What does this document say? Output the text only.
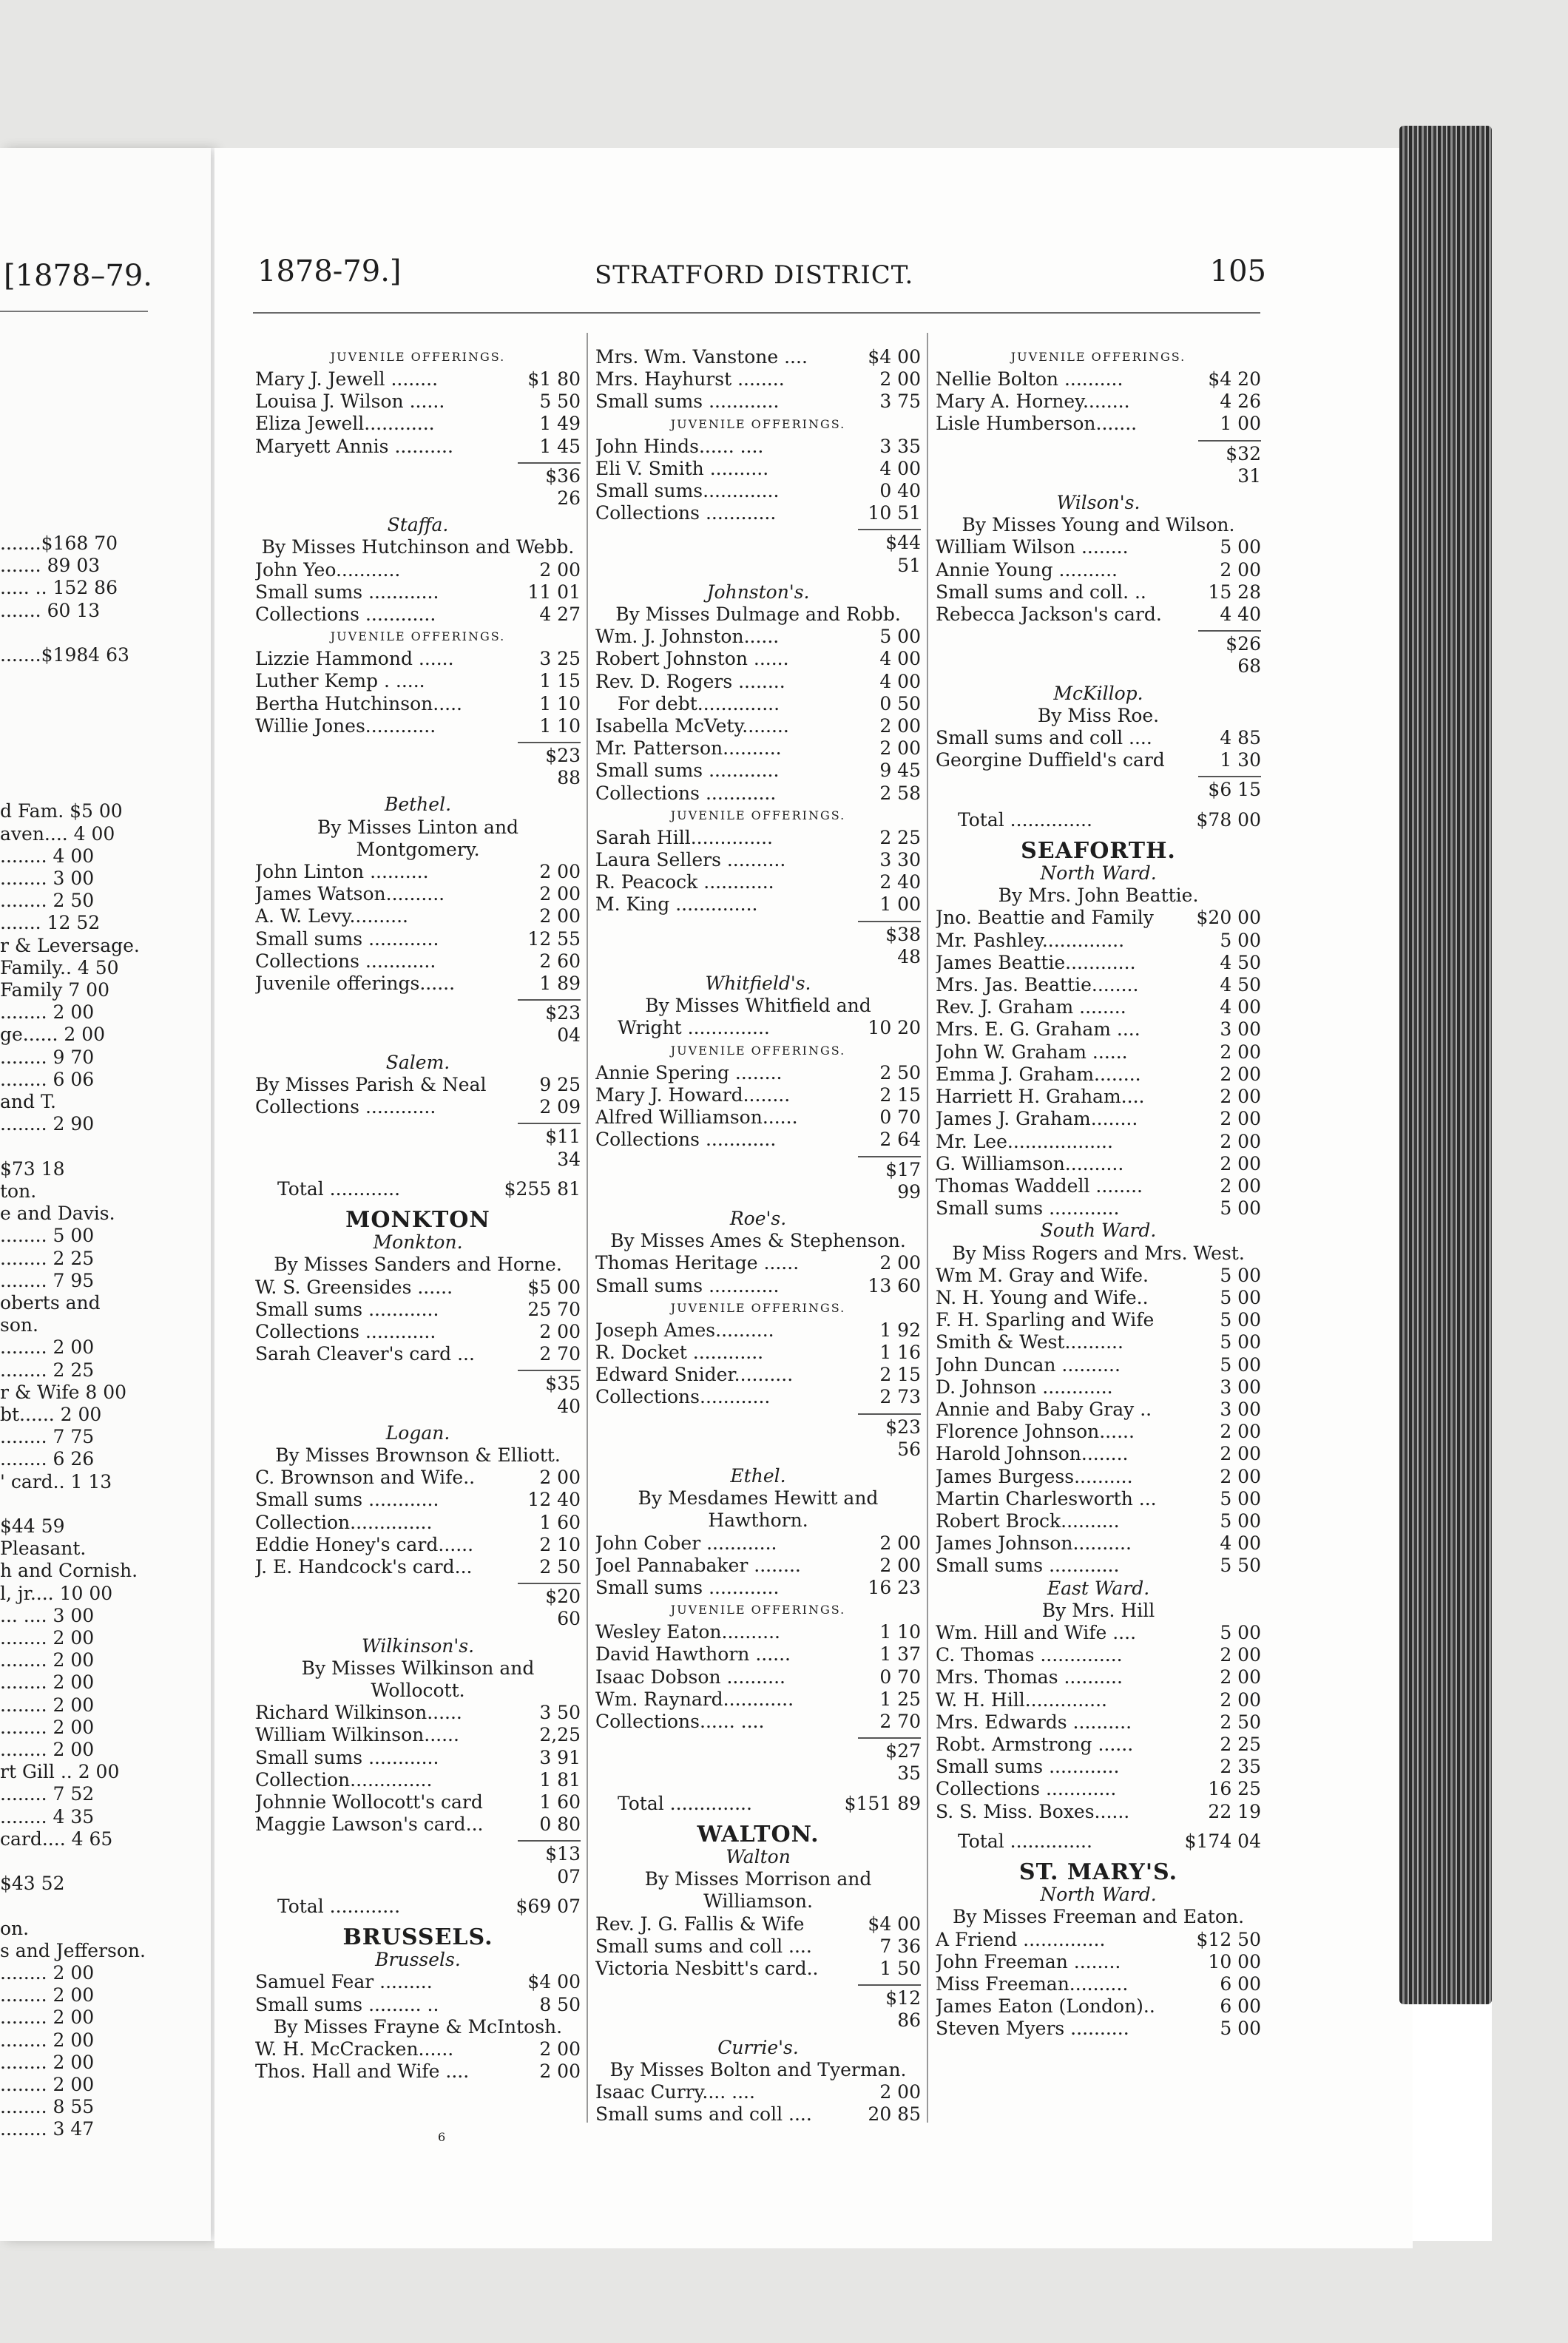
[1878–79.
.......$168 70
....... 89 03
..... .. 152 86
....... 60 13

.......$1984 63

d Fam. $5 00
aven.... 4 00
........ 4 00
........ 3 00
........ 2 50
....... 12 52
r & Leversage.
Family.. 4 50
Family 7 00
........ 2 00
ge...... 2 00
........ 9 70
........ 6 06
and T.
........ 2 90

$73 18
ton.
e and Davis.
........ 5 00
........ 2 25
........ 7 95
oberts and
son.
........ 2 00
........ 2 25
r & Wife 8 00
bt...... 2 00
........ 7 75
........ 6 26
' card.. 1 13

$44 59
Pleasant.
h and Cornish.
l, jr.... 10 00
... .... 3 00
........ 2 00
........ 2 00
........ 2 00
........ 2 00
........ 2 00
........ 2 00
rt Gill .. 2 00
........ 7 52
........ 4 35
card.... 4 65

$43 52

on.
s and Jefferson.
........ 2 00
........ 2 00
........ 2 00
........ 2 00
........ 2 00
........ 2 00
........ 8 55
........ 3 47
1878-79.]	STRATFORD DISTRICT.	105
JUVENILE OFFERINGS.
Mary J. Jewell ........	$1 80
Louisa J. Wilson ......	5 50
Eliza Jewell............	1 49
Maryett Annis ..........	1 45
$36 26
Staffa.
By Misses Hutchinson and Webb.
John Yeo...........	2 00
Small sums ............	11 01
Collections ............	4 27
JUVENILE OFFERINGS.
Lizzie Hammond ......	3 25
Luther Kemp . .....	1 15
Bertha Hutchinson.....	1 10
Willie Jones............	1 10
$23 88
Bethel.
By Misses Linton and Montgomery.
John Linton ..........	2 00
James Watson..........	2 00
A. W. Levy..........	2 00
Small sums ............	12 55
Collections ............	2 60
Juvenile offerings......	1 89
$23 04
Salem.
By Misses Parish & Neal	9 25
Collections ............	2 09
$11 34
Total ............	$255 81
MONKTON
Monkton.
By Misses Sanders and Horne.
W. S. Greensides ......	$5 00
Small sums ............	25 70
Collections ............	2 00
Sarah Cleaver's card ...	2 70
$35 40
Logan.
By Misses Brownson & Elliott.
C. Brownson and Wife..	2 00
Small sums ............	12 40
Collection..............	1 60
Eddie Honey's card......	2 10
J. E. Handcock's card...	2 50
$20 60
Wilkinson's.
By Misses Wilkinson and Wollocott.
Richard Wilkinson......	3 50
William Wilkinson......	2,25
Small sums ............	3 91
Collection..............	1 81
Johnnie Wollocott's card	1 60
Maggie Lawson's card...	0 80
$13 07
Total ............	$69 07
BRUSSELS.
Brussels.
Samuel Fear .........	$4 00
Small sums ......... ..	8 50
By Misses Frayne & McIntosh.
W. H. McCracken......	2 00
Thos. Hall and Wife ....	2 00
Mrs. Wm. Vanstone ....	$4 00
Mrs. Hayhurst ........	2 00
Small sums ............	3 75
JUVENILE OFFERINGS.
John Hinds...... ....	3 35
Eli V. Smith ..........	4 00
Small sums.............	0 40
Collections ............	10 51
$44 51
Johnston's.
By Misses Dulmage and Robb.
Wm. J. Johnston......	5 00
Robert Johnston ......	4 00
Rev. D. Rogers ........	4 00
For debt..............	0 50
Isabella McVety........	2 00
Mr. Patterson..........	2 00
Small sums ............	9 45
Collections ............	2 58
JUVENILE OFFERINGS.
Sarah Hill..............	2 25
Laura Sellers ..........	3 30
R. Peacock ............	2 40
M. King ..............	1 00
$38 48
Whitfield's.
By Misses Whitfield and
Wright ..............	10 20
JUVENILE OFFERINGS.
Annie Spering ........	2 50
Mary J. Howard........	2 15
Alfred Williamson......	0 70
Collections ............	2 64
$17 99
Roe's.
By Misses Ames & Stephenson.
Thomas Heritage ......	2 00
Small sums ............	13 60
JUVENILE OFFERINGS.
Joseph Ames..........	1 92
R. Docket ............	1 16
Edward Snider..........	2 15
Collections............	2 73
$23 56
Ethel.
By Mesdames Hewitt and Hawthorn.
John Cober ............	2 00
Joel Pannabaker ........	2 00
Small sums ............	16 23
JUVENILE OFFERINGS.
Wesley Eaton..........	1 10
David Hawthorn ......	1 37
Isaac Dobson ..........	0 70
Wm. Raynard............	1 25
Collections...... ....	2 70
$27 35
Total ..............	$151 89
WALTON.
Walton
By Misses Morrison and Williamson.
Rev. J. G. Fallis & Wife	$4 00
Small sums and coll ....	7 36
Victoria Nesbitt's card..	1 50
$12 86
Currie's.
By Misses Bolton and Tyerman.
Isaac Curry.... ....	2 00
Small sums and coll ....	20 85
JUVENILE OFFERINGS.
Nellie Bolton ..........	$4 20
Mary A. Horney........	4 26
Lisle Humberson.......	1 00
$32 31
Wilson's.
By Misses Young and Wilson.
William Wilson ........	5 00
Annie Young ..........	2 00
Small sums and coll. ..	15 28
Rebecca Jackson's card.	4 40
$26 68
McKillop.
By Miss Roe.
Small sums and coll ....	4 85
Georgine Duffield's card	1 30
$6 15
Total ..............	$78 00
SEAFORTH.
North Ward.
By Mrs. John Beattie.
Jno. Beattie and Family	$20 00
Mr. Pashley..............	5 00
James Beattie............	4 50
Mrs. Jas. Beattie........	4 50
Rev. J. Graham ........	4 00
Mrs. E. G. Graham ....	3 00
John W. Graham ......	2 00
Emma J. Graham........	2 00
Harriett H. Graham....	2 00
James J. Graham........	2 00
Mr. Lee..................	2 00
G. Williamson..........	2 00
Thomas Waddell ........	2 00
Small sums ............	5 00
South Ward.
By Miss Rogers and Mrs. West.
Wm M. Gray and Wife.	5 00
N. H. Young and Wife..	5 00
F. H. Sparling and Wife	5 00
Smith & West..........	5 00
John Duncan ..........	5 00
D. Johnson ............	3 00
Annie and Baby Gray ..	3 00
Florence Johnson......	2 00
Harold Johnson........	2 00
James Burgess..........	2 00
Martin Charlesworth ...	5 00
Robert Brock..........	5 00
James Johnson..........	4 00
Small sums ............	5 50
East Ward.
By Mrs. Hill
Wm. Hill and Wife ....	5 00
C. Thomas ..............	2 00
Mrs. Thomas ..........	2 00
W. H. Hill..............	2 00
Mrs. Edwards ..........	2 50
Robt. Armstrong ......	2 25
Small sums ............	2 35
Collections ............	16 25
S. S. Miss. Boxes......	22 19
Total ..............	$174 04
ST. MARY'S.
North Ward.
By Misses Freeman and Eaton.
A Friend ..............	$12 50
John Freeman ........	10 00
Miss Freeman..........	6 00
James Eaton (London)..	6 00
Steven Myers ..........	5 00
6
